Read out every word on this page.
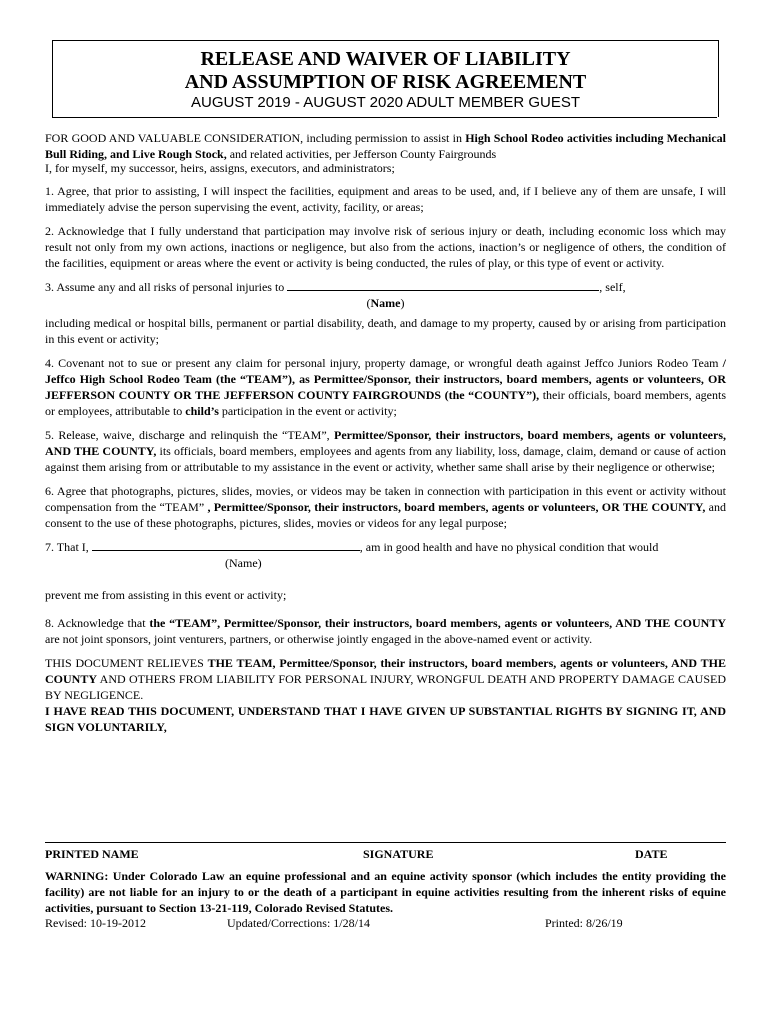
RELEASE AND WAIVER OF LIABILITY
AND ASSUMPTION OF RISK AGREEMENT
AUGUST 2019 - AUGUST 2020 ADULT MEMBER GUEST

FOR GOOD AND VALUABLE CONSIDERATION, including permission to assist in High School Rodeo activities including Mechanical Bull Riding, and Live Rough Stock, and related activities, per Jefferson County Fairgrounds

I, for myself, my successor, heirs, assigns, executors, and administrators;

1. Agree, that prior to assisting, I will inspect the facilities, equipment and areas to be used, and, if I believe any of them are unsafe, I will immediately advise the person supervising the event, activity, facility, or areas;

2. Acknowledge that I fully understand that participation may involve risk of serious injury or death, including economic loss which may result not only from my own actions, inactions or negligence, but also from the actions, inaction’s or negligence of others, the condition of the facilities, equipment or areas where the event or activity is being conducted, the rules of play, or this type of event or activity.

3. Assume any and all risks of personal injuries to	, self,

(Name)

including medical or hospital bills, permanent or partial disability, death, and damage to my property, caused by or arising from participation in this event or activity;

4. Covenant not to sue or present any claim for personal injury, property damage, or wrongful death against Jeffco Juniors Rodeo Team / Jeffco High School Rodeo Team (the “TEAM”), as Permittee/Sponsor, their instructors, board members, agents or volunteers, OR JEFFERSON COUNTY OR THE JEFFERSON COUNTY FAIRGROUNDS (the “COUNTY”), their officials, board members, agents or employees, attributable to child’s participation in the event or activity;

5. Release, waive, discharge and relinquish the “TEAM”, Permittee/Sponsor, their instructors, board members, agents or volunteers, AND THE COUNTY, its officials, board members, employees and agents from any liability, loss, damage, claim, demand or cause of action against them arising from or attributable to my assistance in the event or activity, whether same shall arise by their negligence or otherwise;

6. Agree that photographs, pictures, slides, movies, or videos may be taken in connection with participation in this event or activity without compensation from the “TEAM” , Permittee/Sponsor, their instructors, board members, agents or volunteers, OR THE COUNTY, and consent to the use of these photographs, pictures, slides, movies or videos for any legal purpose;

7. That I,	, am in good health and have no physical condition that would

(Name)

prevent me from assisting in this event or activity;

8. Acknowledge that the “TEAM”, Permittee/Sponsor, their instructors, board members, agents or volunteers, AND THE COUNTY are not joint sponsors, joint venturers, partners, or otherwise jointly engaged in the above-named event or activity.

THIS DOCUMENT RELIEVES THE TEAM, Permittee/Sponsor, their instructors, board members, agents or volunteers, AND THE COUNTY AND OTHERS FROM LIABILITY FOR PERSONAL INJURY, WRONGFUL DEATH AND PROPERTY DAMAGE CAUSED BY NEGLIGENCE.

I HAVE READ THIS DOCUMENT, UNDERSTAND THAT I HAVE GIVEN UP SUBSTANTIAL RIGHTS BY SIGNING IT, AND SIGN VOLUNTARILY,

PRINTED NAME	SIGNATURE	DATE
WARNING: Under Colorado Law an equine professional and an equine activity sponsor (which includes the entity providing the facility) are not liable for an injury to or the death of a participant in equine activities resulting from the inherent risks of equine activities, pursuant to Section 13-21-119, Colorado Revised Statutes.
Revised: 10-19-2012	Updated/Corrections: 1/28/14	Printed: 8/26/19
